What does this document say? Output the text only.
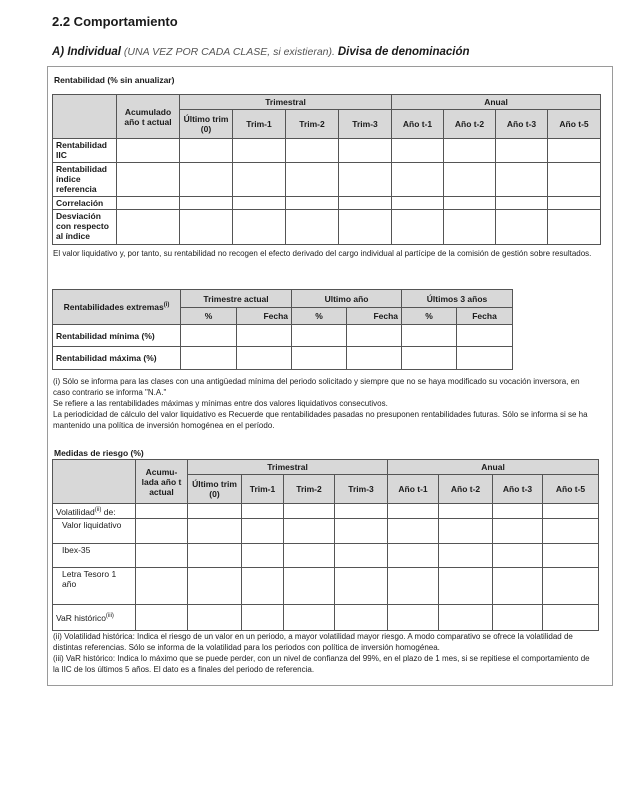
2.2 Comportamiento
A) Individual (UNA VEZ POR CADA CLASE, si existieran). Divisa de denominación
Rentabilidad (% sin anualizar)
	Acumulado año t actual	Trimestral				Anual			
		Último trim (0)	Trim-1	Trim-2	Trim-3	Año t-1	Año t-2	Año t-3	Año t-5
Rentabilidad IIC									
Rentabilidad índice referencia									
Correlación									
Desviación con respecto al índice									
El valor liquidativo y, por tanto, su rentabilidad no recogen el efecto derivado del cargo individual al partícipe de la comisión de gestión sobre resultados.
Rentabilidades extremas$^{(i)}$	Trimestre actual		Ultimo año		Últimos 3 años	
	%	Fecha	%	Fecha	%	Fecha
Rentabilidad mínima (%)						
Rentabilidad máxima (%)						
(i) Sólo se informa para las clases con una antigüedad mínima del periodo solicitado y siempre que no se haya modificado su vocación inversora, en caso contrario se informa "N.A."
Se refiere a las rentabilidades máximas y mínimas entre dos valores liquidativos consecutivos.
La periodicidad de cálculo del valor liquidativo es Recuerde que rentabilidades pasadas no presuponen rentabilidades futuras. Sólo se informa si se ha mantenido una política de inversión homogénea en el período.
Medidas de riesgo (%)
	Acumu-lada año t actual	Trimestral				Anual			
		Último trim (0)	Trim-1	Trim-2	Trim-3	Año t-1	Año t-2	Año t-3	Año t-5
Volatilidad$^{(ii)}$ de:									
Valor liquidativo									
Ibex-35									
Letra Tesoro 1 año									
VaR histórico$^{(iii)}$									
(ii) Volatilidad histórica: Indica el riesgo de un valor en un periodo, a mayor volatilidad mayor riesgo. A modo comparativo se ofrece la volatilidad de distintas referencias. Sólo se informa de la volatilidad para los periodos con política de inversión homogénea.
(iii) VaR histórico: Indica lo máximo que se puede perder, con un nivel de confianza del 99%, en el plazo de 1 mes, si se repitiese el comportamiento de la IIC de los últimos 5 años. El dato es a finales del periodo de referencia.
